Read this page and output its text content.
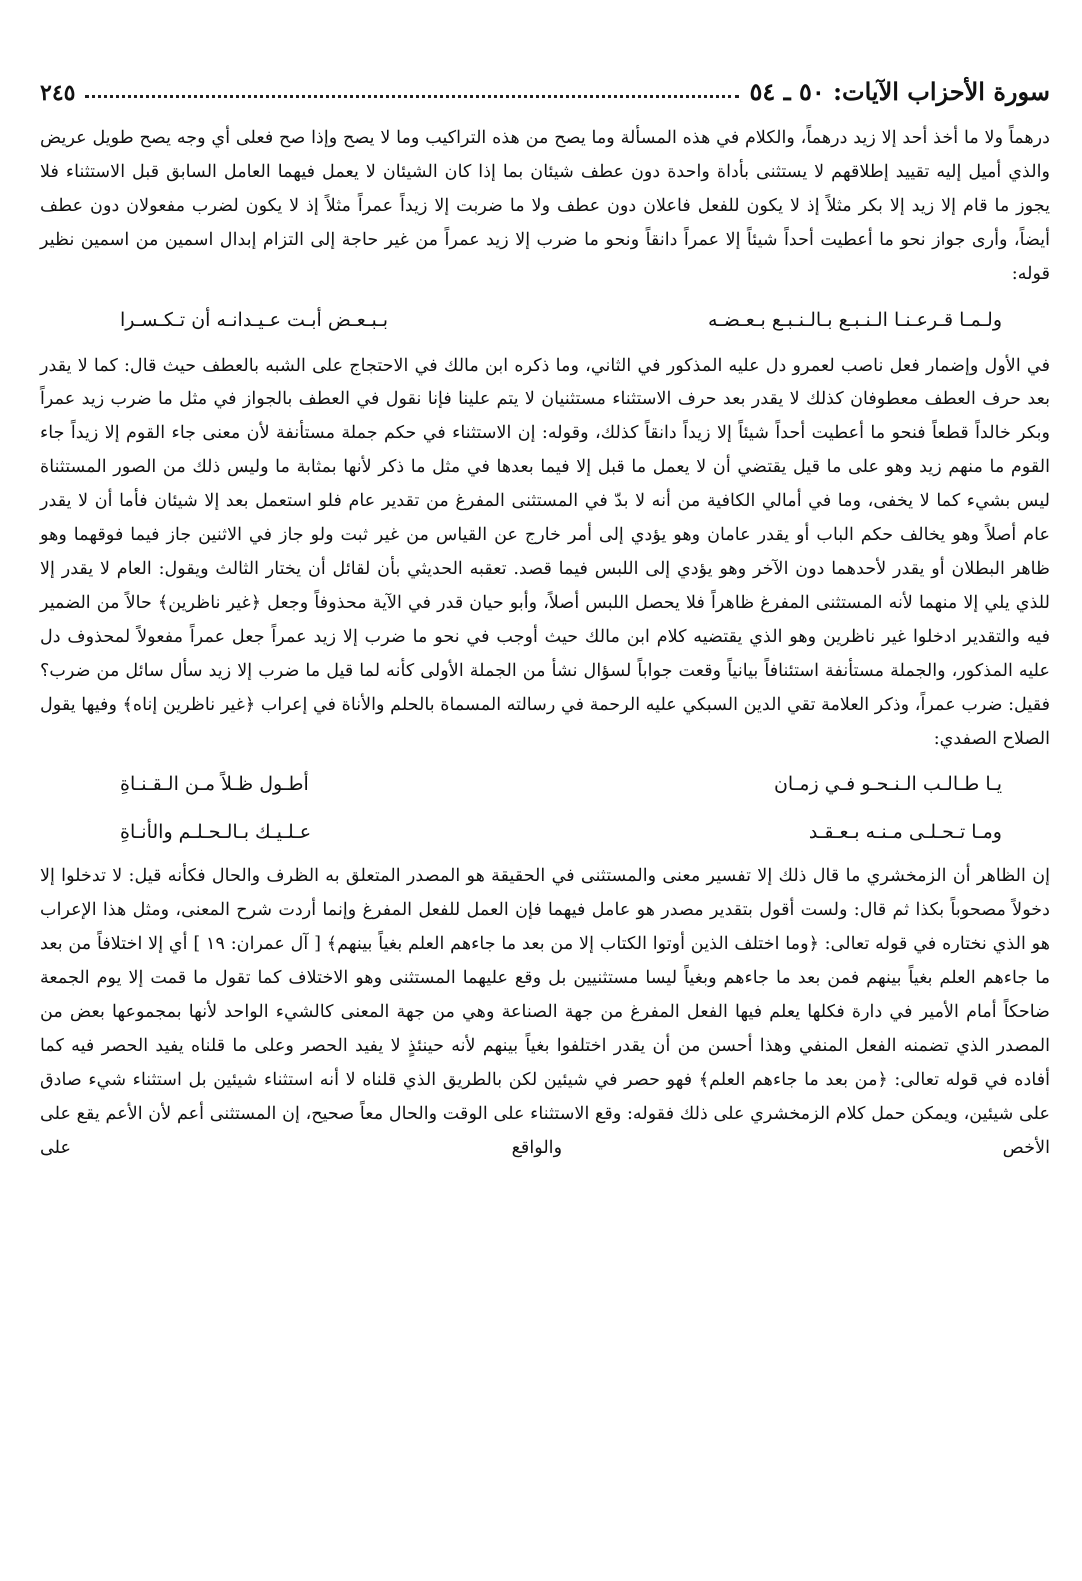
سورة الأحزاب الآيات: ٥٠ ـ ٥٤
٢٤٥

درهماً ولا ما أخذ أحد إلا زيد درهماً، والكلام في هذه المسألة وما يصح من هذه التراكيب وما لا يصح وإذا صح فعلى أي وجه يصح طويل عريض والذي أميل إليه تقييد إطلاقهم لا يستثنى بأداة واحدة دون عطف شيئان بما إذا كان الشيئان لا يعمل فيهما العامل السابق قبل الاستثناء فلا يجوز ما قام إلا زيد إلا بكر مثلاً إذ لا يكون للفعل فاعلان دون عطف ولا ما ضربت إلا زيداً عمراً مثلاً إذ لا يكون لضرب مفعولان دون عطف أيضاً، وأرى جواز نحو ما أعطيت أحداً شيئاً إلا عمراً دانقاً ونحو ما ضرب إلا زيد عمراً من غير حاجة إلى التزام إبدال اسمين من اسمين نظير قوله:

ولـمـا قـرعـنـا الـنـبـع بـالـنـبـع بـعـضـه
بـبـعـض أبـت عـيـدانـه أن تـكـسـرا

في الأول وإضمار فعل ناصب لعمرو دل عليه المذكور في الثاني، وما ذكره ابن مالك في الاحتجاج على الشبه بالعطف حيث قال: كما لا يقدر بعد حرف العطف معطوفان كذلك لا يقدر بعد حرف الاستثناء مستثنيان لا يتم علينا فإنا نقول في العطف بالجواز في مثل ما ضرب زيد عمراً وبكر خالداً قطعاً فنحو ما أعطيت أحداً شيئاً إلا زيداً دانقاً كذلك، وقوله: إن الاستثناء في حكم جملة مستأنفة لأن معنى جاء القوم إلا زيداً جاء القوم ما منهم زيد وهو على ما قيل يقتضي أن لا يعمل ما قبل إلا فيما بعدها في مثل ما ذكر لأنها بمثابة ما وليس ذلك من الصور المستثناة ليس بشيء كما لا يخفى، وما في أمالي الكافية من أنه لا بدّ في المستثنى المفرغ من تقدير عام فلو استعمل بعد إلا شيئان فأما أن لا يقدر عام أصلاً وهو يخالف حكم الباب أو يقدر عامان وهو يؤدي إلى أمر خارج عن القياس من غير ثبت ولو جاز في الاثنين جاز فيما فوقهما وهو ظاهر البطلان أو يقدر لأحدهما دون الآخر وهو يؤدي إلى اللبس فيما قصد. تعقبه الحديثي بأن لقائل أن يختار الثالث ويقول: العام لا يقدر إلا للذي يلي إلا منهما لأنه المستثنى المفرغ ظاهراً فلا يحصل اللبس أصلاً، وأبو حيان قدر في الآية محذوفاً وجعل ﴿غير ناظرين﴾ حالاً من الضمير فيه والتقدير ادخلوا غير ناظرين وهو الذي يقتضيه كلام ابن مالك حيث أوجب في نحو ما ضرب إلا زيد عمراً جعل عمراً مفعولاً لمحذوف دل عليه المذكور، والجملة مستأنفة استئنافاً بيانياً وقعت جواباً لسؤال نشأ من الجملة الأولى كأنه لما قيل ما ضرب إلا زيد سأل سائل من ضرب؟ فقيل: ضرب عمراً، وذكر العلامة تقي الدين السبكي عليه الرحمة في رسالته المسماة بالحلم والأناة في إعراب ﴿غير ناظرين إناه﴾ وفيها يقول الصلاح الصفدي:

يـا طـالـب الـنـحـو فـي زمـان
أطـول ظـلاً مـن الـقـنـاةِ
ومـا تـحـلـى مـنـه بـعـقـد
عـلـيـك بـالـحـلـم والأنـاةِ

إن الظاهر أن الزمخشري ما قال ذلك إلا تفسير معنى والمستثنى في الحقيقة هو المصدر المتعلق به الظرف والحال فكأنه قيل: لا تدخلوا إلا دخولاً مصحوباً بكذا ثم قال: ولست أقول بتقدير مصدر هو عامل فيهما فإن العمل للفعل المفرغ وإنما أردت شرح المعنى، ومثل هذا الإعراب هو الذي نختاره في قوله تعالى: ﴿وما اختلف الذين أوتوا الكتاب إلا من بعد ما جاءهم العلم بغياً بينهم﴾ [ آل عمران: ١٩ ] أي إلا اختلافاً من بعد ما جاءهم العلم بغياً بينهم فمن بعد ما جاءهم وبغياً ليسا مستثنيين بل وقع عليهما المستثنى وهو الاختلاف كما تقول ما قمت إلا يوم الجمعة ضاحكاً أمام الأمير في دارة فكلها يعلم فيها الفعل المفرغ من جهة الصناعة وهي من جهة المعنى كالشيء الواحد لأنها بمجموعها بعض من المصدر الذي تضمنه الفعل المنفي وهذا أحسن من أن يقدر اختلفوا بغياً بينهم لأنه حينئذٍ لا يفيد الحصر وعلى ما قلناه يفيد الحصر فيه كما أفاده في قوله تعالى: ﴿من بعد ما جاءهم العلم﴾ فهو حصر في شيئين لكن بالطريق الذي قلناه لا أنه استثناء شيئين بل استثناء شيء صادق على شيئين، ويمكن حمل كلام الزمخشري على ذلك فقوله: وقع الاستثناء على الوقت والحال معاً صحيح، إن المستثنى أعم لأن الأعم يقع على الأخص والواقع على
